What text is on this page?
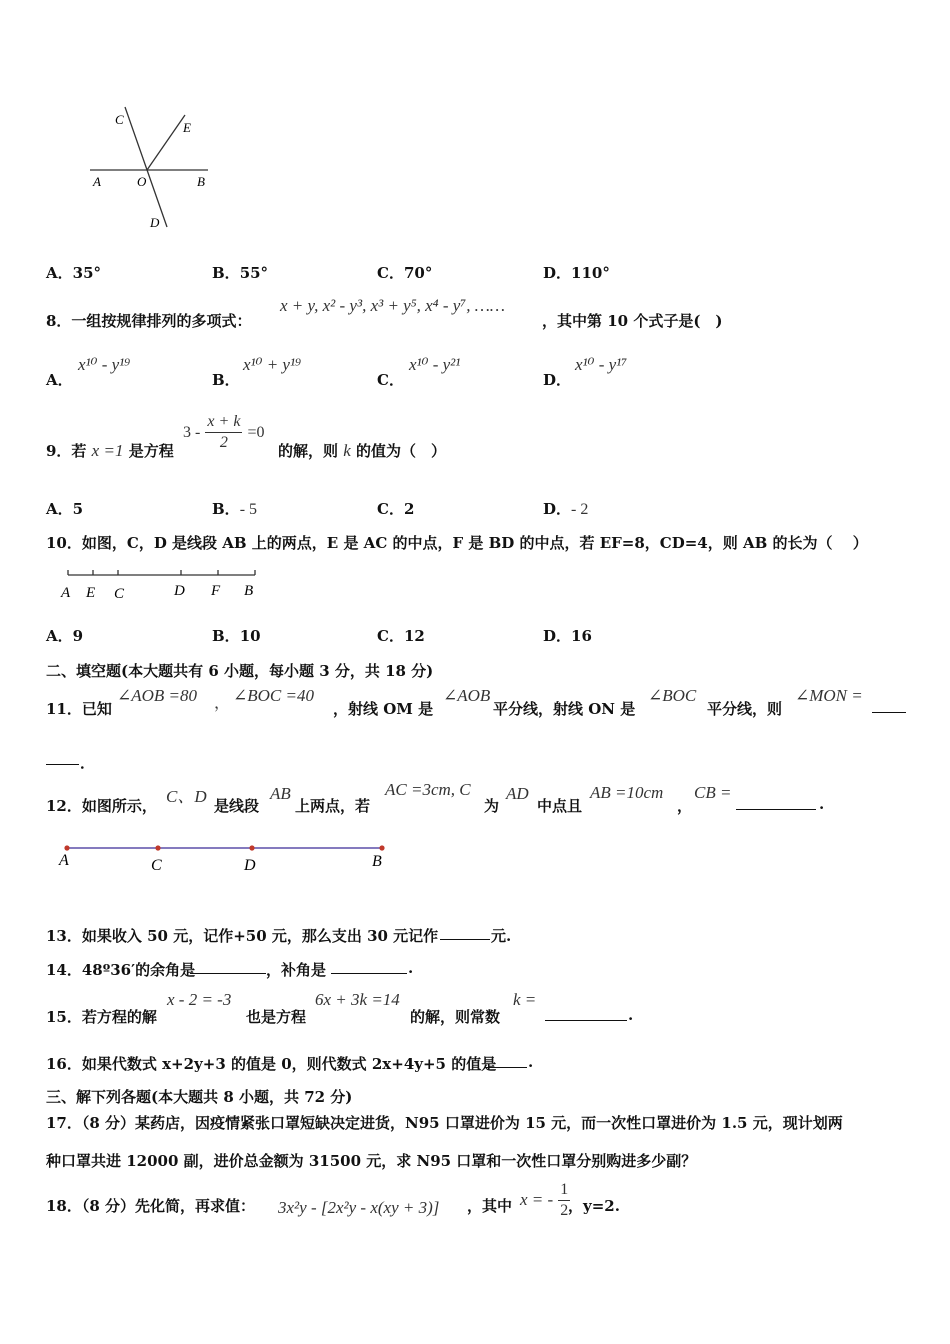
C
E
A	O	B
D
A．35°	B．55°	C．70°	D．110°
8．一组按规律排列的多项式：
x + y, x² - y³, x³ + y⁵, x⁴ - y⁷, ……
，其中第 10 个式子是(　)
A．
x¹⁰ - y¹⁹
B．
x¹⁰ + y¹⁹
C．
x¹⁰ - y²¹
D．
x¹⁰ - y¹⁷
9．若 x =1 是方程
$3 - \frac{x + k}{2} =0$
的解，则 k 的值为（　）
A．5	B．- 5	C．2	D．- 2
10．如图，C，D 是线段 AB 上的两点，E 是 AC 的中点，F 是 BD 的中点，若 EF=8，CD=4，则 AB 的长为（　 ）
A E C	D F B
A．9	B．10	C．12	D．16
二、填空题(本大题共有 6 小题，每小题 3 分，共 18 分)
11．已知
∠AOB =80 ， ∠BOC =40
，射线 OM 是
∠AOB
平分线，射线 ON 是
∠BOC
平分线，则
∠MON =
．
12．如图所示， C、D 是线段
AB
上两点，若
AC =3cm, C
为
AD
中点且
AB =10cm
，
CB =
.
A	C	D	B
13．如果收入 50 元，记作+50 元，那么支出 30 元记作	元.
14．48º36′的余角是	，补角是	.
15．若方程的解
x - 2 = -3
也是方程
6x + 3k =14
的解，则常数
k =
.
16．如果代数式 x+2y+3 的值是 0，则代数式 2x+4y+5 的值是 .
三、解下列各题(本大题共 8 小题，共 72 分)
17．（8 分）某药店，因疫情紧张口罩短缺决定进货，N95 口罩进价为 15 元，而一次性口罩进价为 1.5 元，现计划两
种口罩共进 12000 副，进价总金额为 31500 元，求 N95 口罩和一次性口罩分别购进多少副？
18．（8 分）先化简，再求值： 3x²y - [2x²y - x(xy + 3)] ，其中 x = - $\frac{1}{2}$
，y=2.
